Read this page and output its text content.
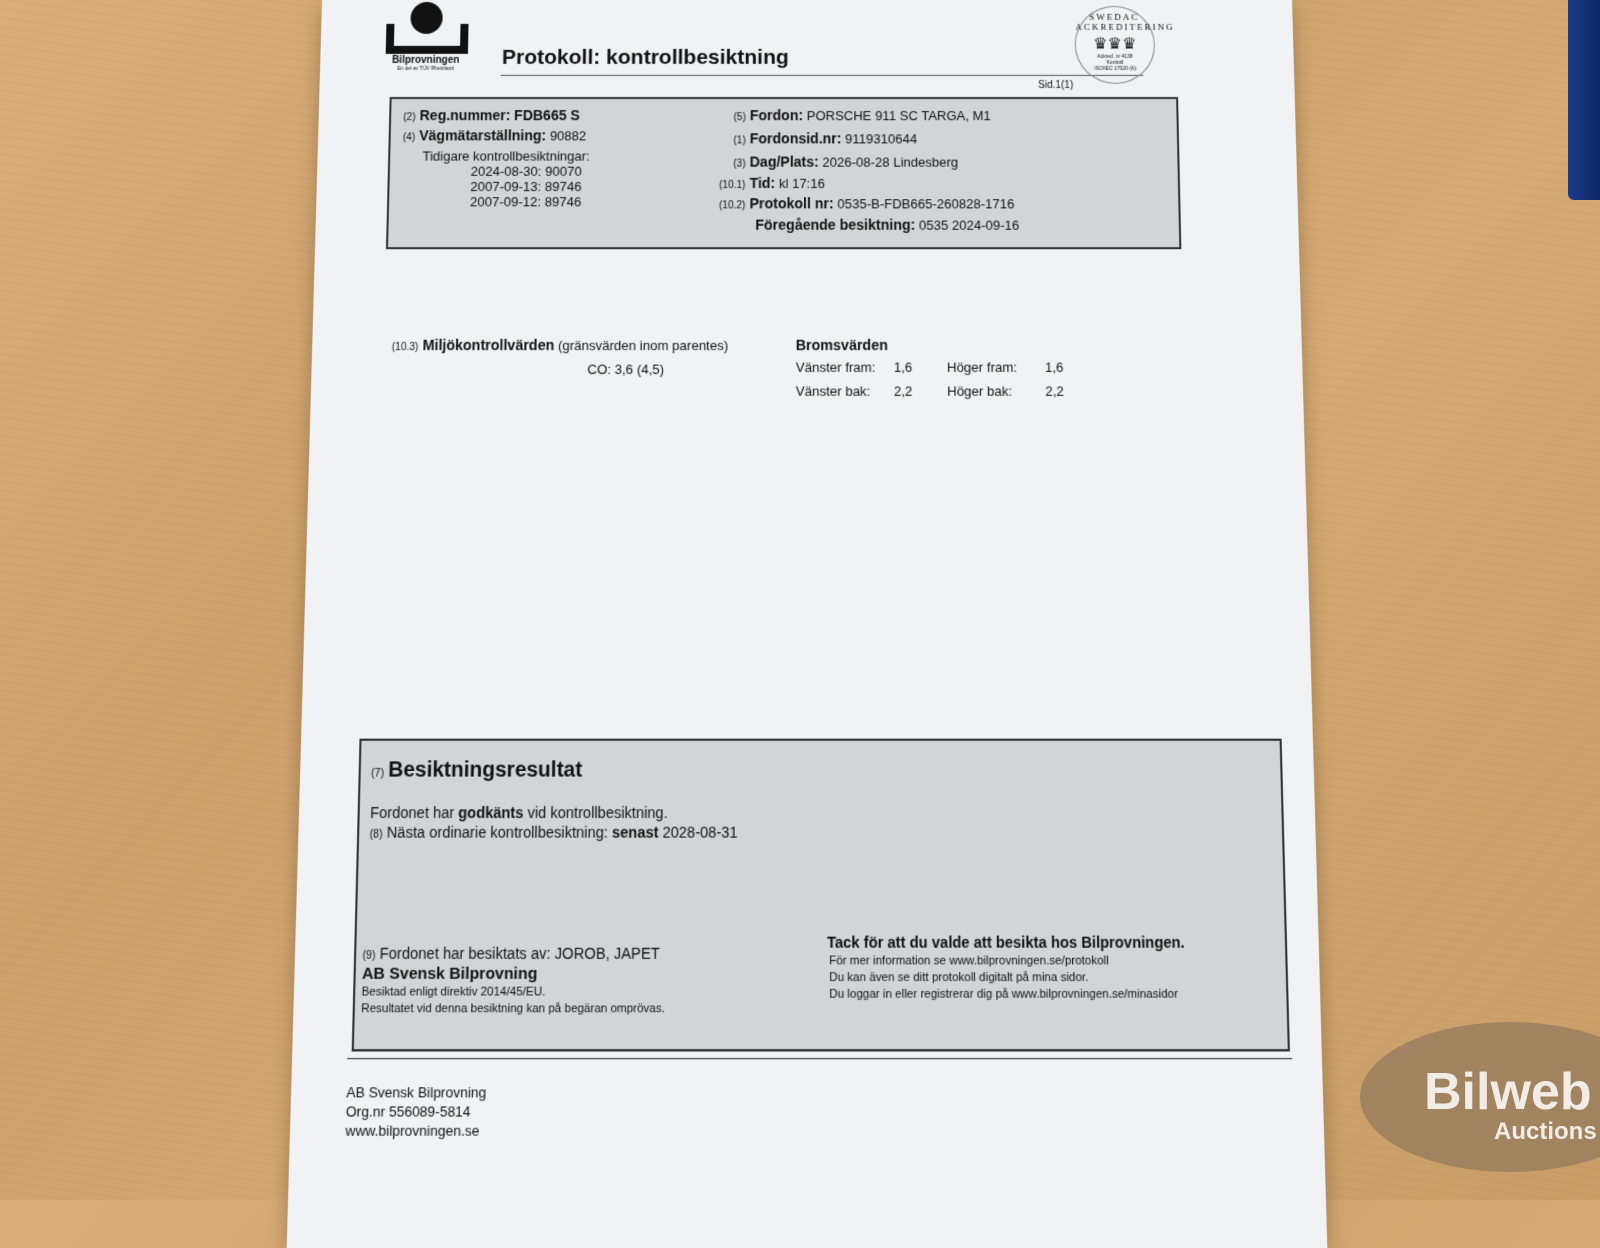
Bilprovningen
En del av TÜV Rheinland
Protokoll: kontrollbesiktning
Sid.1(1)
SWEDAC ACKREDITERING
♛♛♛
Ackred. nr 4138
Kontroll
ISO/IEC 17020 (A)
(2) Reg.nummer: FDB665 S
(4) Vägmätarställning: 90882
Tidigare kontrollbesiktningar:
2024-08-30: 90070
2007-09-13: 89746
2007-09-12: 89746
(5) Fordon: PORSCHE 911 SC TARGA, M1
(1) Fordonsid.nr: 9119310644
(3) Dag/Plats: 2026-08-28 Lindesberg
(10.1) Tid: kl 17:16
(10.2) Protokoll nr: 0535-B-FDB665-260828-1716
Föregående besiktning: 0535 2024-09-16
(10.3) Miljökontrollvärden (gränsvärden inom parentes)
CO: 3,6 (4,5)
Bromsvärden
Vänster fram: 1,6	Höger fram: 1,6
Vänster bak: 2,2	Höger bak:	2,2
(7) Besiktningsresultat
Fordonet har godkänts vid kontrollbesiktning.
(8) Nästa ordinarie kontrollbesiktning: senast 2028-08-31
(9) Fordonet har besiktats av: JOROB, JAPET
AB Svensk Bilprovning
Besiktad enligt direktiv 2014/45/EU.
Resultatet vid denna besiktning kan på begäran omprövas.
Tack för att du valde att besikta hos Bilprovningen.
För mer information se www.bilprovningen.se/protokoll
Du kan även se ditt protokoll digitalt på mina sidor.
Du loggar in eller registrerar dig på www.bilprovningen.se/minasidor
AB Svensk Bilprovning
Org.nr 556089-5814
www.bilprovningen.se
Bilweb
Auctions
